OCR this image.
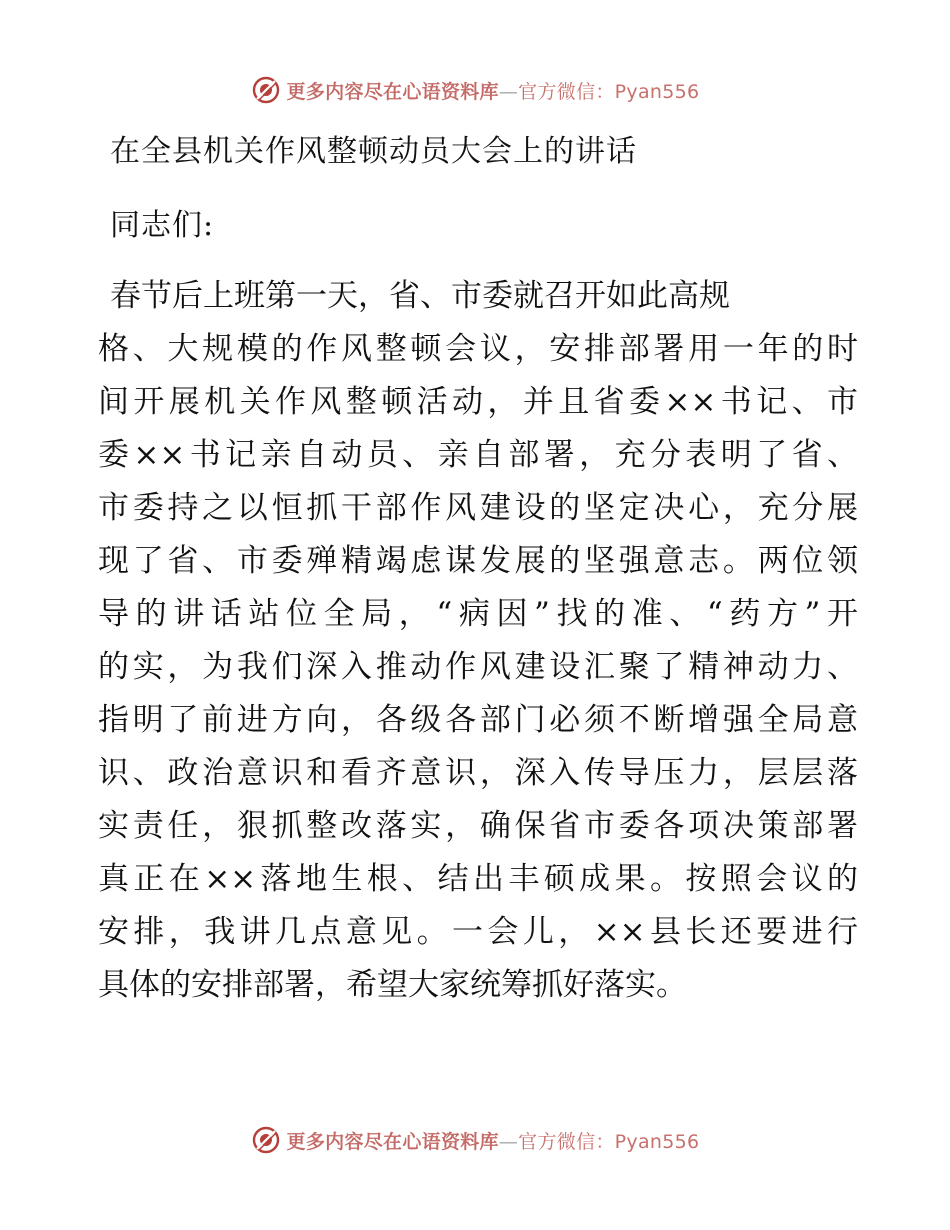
更多内容尽在心语资料库—官方微信：Pyan556
在全县机关作风整顿动员大会上的讲话
同志们:
春节后上班第一天，省、市委就召开如此高规
格、大规模的作风整顿会议，安排部署用一年的时
间开展机关作风整顿活动，并且省委××书记、市
委××书记亲自动员、亲自部署，充分表明了省、
市委持之以恒抓干部作风建设的坚定决心，充分展
现了省、市委殚精竭虑谋发展的坚强意志。两位领
导的讲话站位全局，“病因”找的准、“药方”开
的实，为我们深入推动作风建设汇聚了精神动力、
指明了前进方向，各级各部门必须不断增强全局意
识、政治意识和看齐意识，深入传导压力，层层落
实责任，狠抓整改落实，确保省市委各项决策部署
真正在××落地生根、结出丰硕成果。按照会议的
安排，我讲几点意见。一会儿，××县长还要进行
具体的安排部署，希望大家统筹抓好落实。
更多内容尽在心语资料库—官方微信：Pyan556
